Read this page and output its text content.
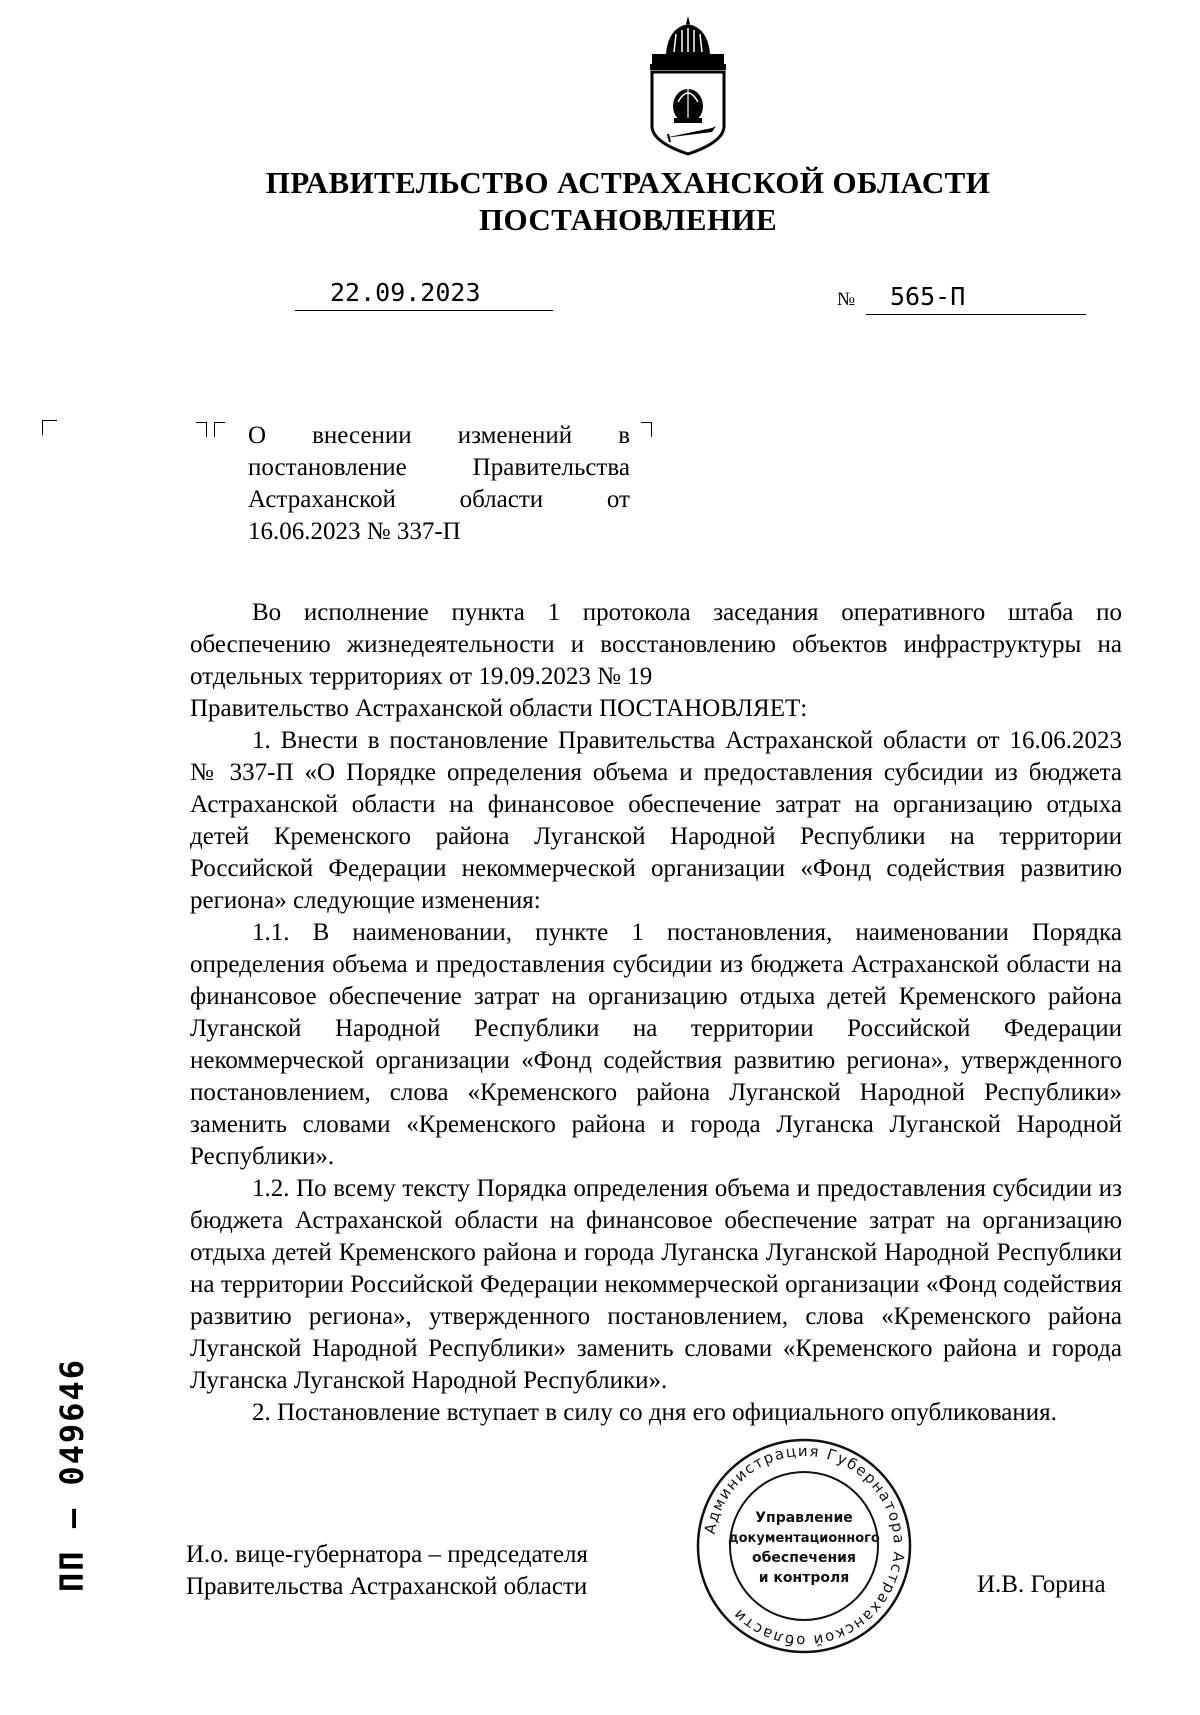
ПРАВИТЕЛЬСТВО АСТРАХАНСКОЙ ОБЛАСТИ
ПОСТАНОВЛЕНИЕ
22.09.2023	№ 565-П

О внесении изменений в

постановление Правительства

Астраханской области от

16.06.2023 № 337-П

Во исполнение пункта 1 протокола заседания оперативного штаба по обеспечению жизнедеятельности и восстановлению объектов инфраструктуры на отдельных территориях от 19.09.2023 № 19

Правительство Астраханской области ПОСТАНОВЛЯЕТ:

1. Внести в постановление Правительства Астраханской области от 16.06.2023 № 337-П «О Порядке определения объема и предоставления субсидии из бюджета Астраханской области на финансовое обеспечение затрат на организацию отдыха детей Кременского района Луганской Народной Республики на территории Российской Федерации некоммерческой организации «Фонд содействия развитию региона» следующие изменения:

1.1. В наименовании, пункте 1 постановления, наименовании Порядка определения объема и предоставления субсидии из бюджета Астраханской области на финансовое обеспечение затрат на организацию отдыха детей Кременского района Луганской Народной Республики на территории Российской Федерации некоммерческой организации «Фонд содействия развитию региона», утвержденного постановлением, слова «Кременского района Луганской Народной Республики» заменить словами «Кременского района и города Луганска Луганской Народной Республики».

1.2. По всему тексту Порядка определения объема и предоставления субсидии из бюджета Астраханской области на финансовое обеспечение затрат на организацию отдыха детей Кременского района и города Луганска Луганской Народной Республики на территории Российской Федерации некоммерческой организации «Фонд содействия развитию региона», утвержденного постановлением, слова «Кременского района Луганской Народной Республики» заменить словами «Кременского района и города Луганска Луганской Народной Республики».

2. Постановление вступает в силу со дня его официального опубликования.

И.о. вице-губернатора – председателя
Правительства Астраханской области	И.В. Горина
Администрация Губернатора Астраханской области
Управление
документационного
обеспечения
и контроля
ПП – 049646
